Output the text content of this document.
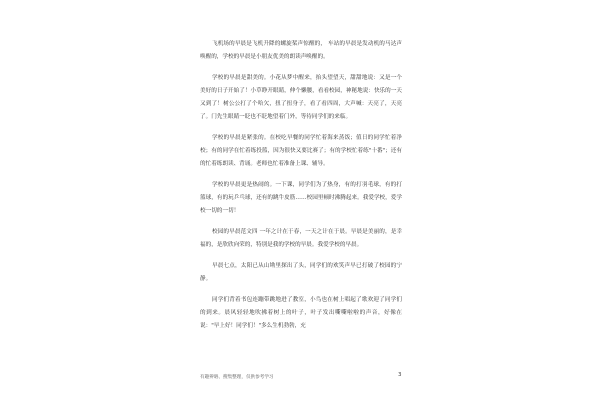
飞机场的早晨是飞机升降的螺旋桨声惊醒的， 车站的早晨是发动机的马达声唤醒的，学校的早晨是小朋友优美的朗读声唤醒的。

学校的早晨是甜美的。小花从梦中醒来，抬头望望天，甜甜地说：又是一个美好的日子开始了！小草睁开眼睛，伸个懒腰，看看校园，神秘地说：快乐的一天又到了！树公公打了个哈欠，扭了扭身子，看了看四周，大声喊：天亮了，天亮了。门先生眼睛一眨也不眨地望着门外，等待同学们的来临。

学校的早晨是紧张的。在校吃早餐的同学忙着海来蒸饭；值日的同学忙着净校；有的同学在忙着练投篮，因为很快又要比赛了；有的学校忙着练"十番"；还有的忙着练朗读、背诵。老师也忙着准备上课、辅导。

学校的早晨更是热闹的。一下课，同学们为了热身，有的打羽毛球，有的打篮球，有的玩乒乓球，还有的跳牛皮筋……校园里顿时沸腾起来。我爱学校，爱学校一切的一切！

校园的早晨范文四 一年之计在于春，一天之计在于晨。早晨是美丽的，是幸福的，是欣欣向荣的，特别是我的学校的早晨。我爱学校的早晨。

早晨七点，太阳已从山坳里探出了头，同学们的欢笑声早已打破了校园的宁静。

同学们背着书包连蹦带跳地进了教室，小鸟也在树上唱起了歌欢迎了同学们的到来。晨风轻轻地吹拂着树上的叶子，叶子发出嘶嘶啦啦的声音，好像在说："早上好！同学们！"多么生机勃勃，充

有趣辨晤、搜集整理，仅供参考学习	3
